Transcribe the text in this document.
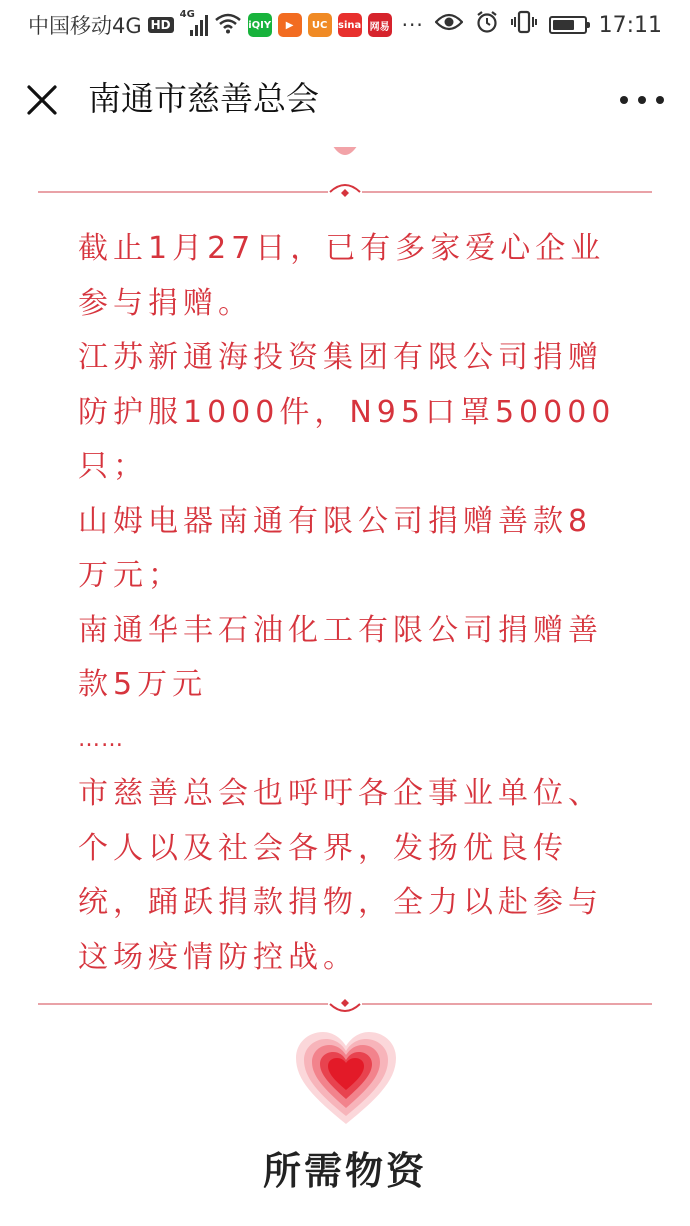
中国移动4G HD
4G
iQIY	▶	UC	sina 网易 ···	17:11
南通市慈善总会

截止1月27日，已有多家爱心企业参与捐赠。

江苏新通海投资集团有限公司捐赠防护服1000件，N95口罩50000只；

山姆电器南通有限公司捐赠善款8万元；

南通华丰石油化工有限公司捐赠善款5万元

……

市慈善总会也呼吁各企事业单位、个人以及社会各界，发扬优良传统，踊跃捐款捐物，全力以赴参与这场疫情防控战。

所需物资
